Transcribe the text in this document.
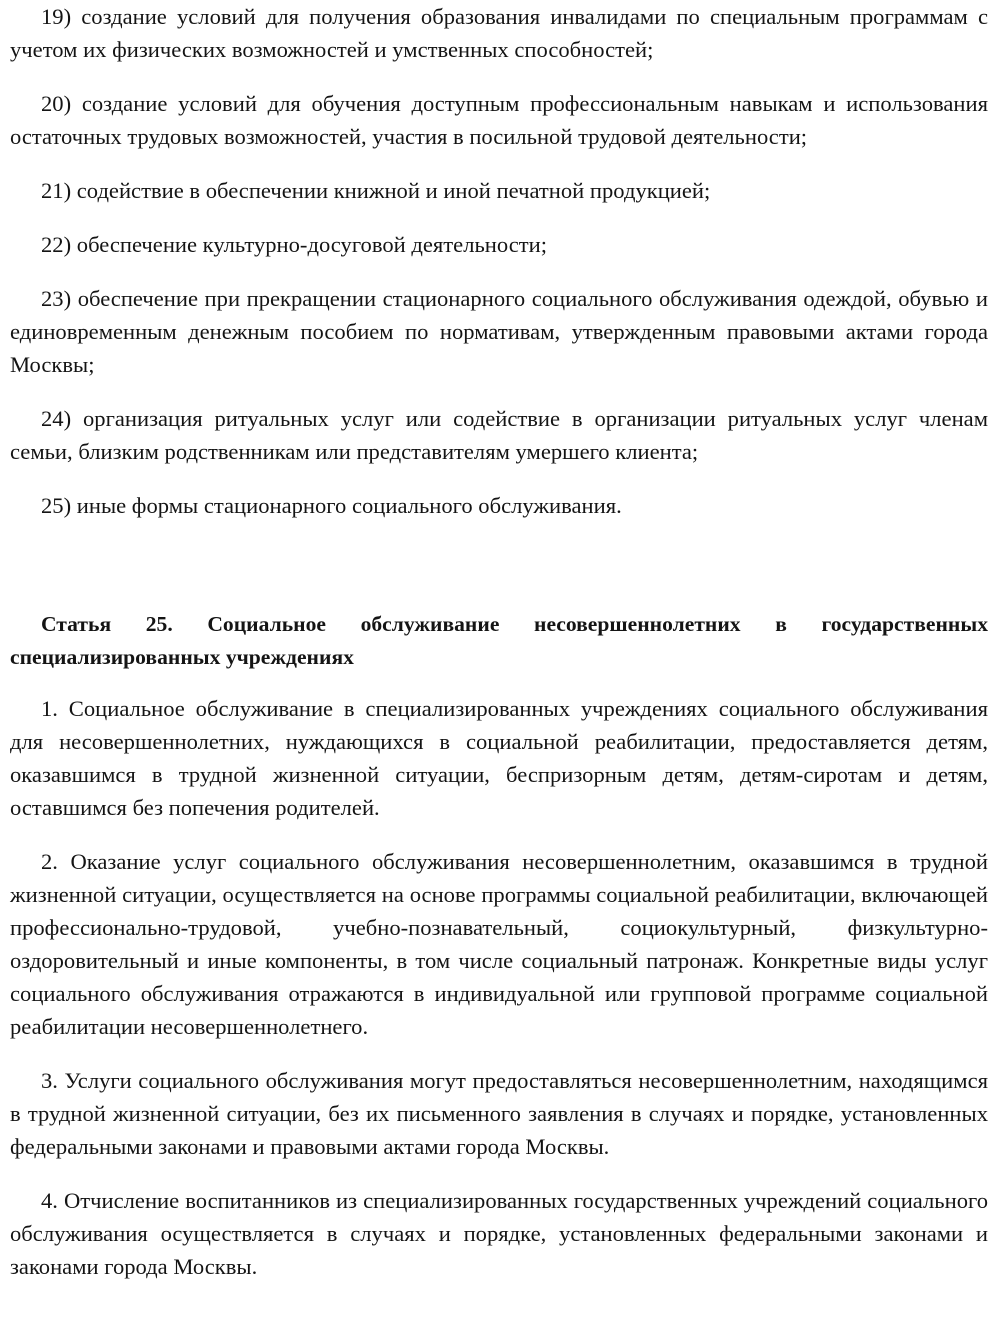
19) создание условий для получения образования инвалидами по специальным программам с учетом их физических возможностей и умственных способностей;

20) создание условий для обучения доступным профессиональным навыкам и использования остаточных трудовых возможностей, участия в посильной трудовой деятельности;

21) содействие в обеспечении книжной и иной печатной продукцией;

22) обеспечение культурно-досуговой деятельности;

23) обеспечение при прекращении стационарного социального обслуживания одеждой, обувью и единовременным денежным пособием по нормативам, утвержденным правовыми актами города Москвы;

24) организация ритуальных услуг или содействие в организации ритуальных услуг членам семьи, близким родственникам или представителям умершего клиента;

25) иные формы стационарного социального обслуживания.

Статья 25. Социальное обслуживание несовершеннолетних в государственных специализированных учреждениях

1. Социальное обслуживание в специализированных учреждениях социального обслуживания для несовершеннолетних, нуждающихся в социальной реабилитации, предоставляется детям, оказавшимся в трудной жизненной ситуации, беспризорным детям, детям-сиротам и детям, оставшимся без попечения родителей.

2. Оказание услуг социального обслуживания несовершеннолетним, оказавшимся в трудной жизненной ситуации, осуществляется на основе программы социальной реабилитации, включающей профессионально-трудовой, учебно-познавательный, социокультурный, физкультурно-оздоровительный и иные компоненты, в том числе социальный патронаж. Конкретные виды услуг социального обслуживания отражаются в индивидуальной или групповой программе социальной реабилитации несовершеннолетнего.

3. Услуги социального обслуживания могут предоставляться несовершеннолетним, находящимся в трудной жизненной ситуации, без их письменного заявления в случаях и порядке, установленных федеральными законами и правовыми актами города Москвы.

4. Отчисление воспитанников из специализированных государственных учреждений социального обслуживания осуществляется в случаях и порядке, установленных федеральными законами и законами города Москвы.
